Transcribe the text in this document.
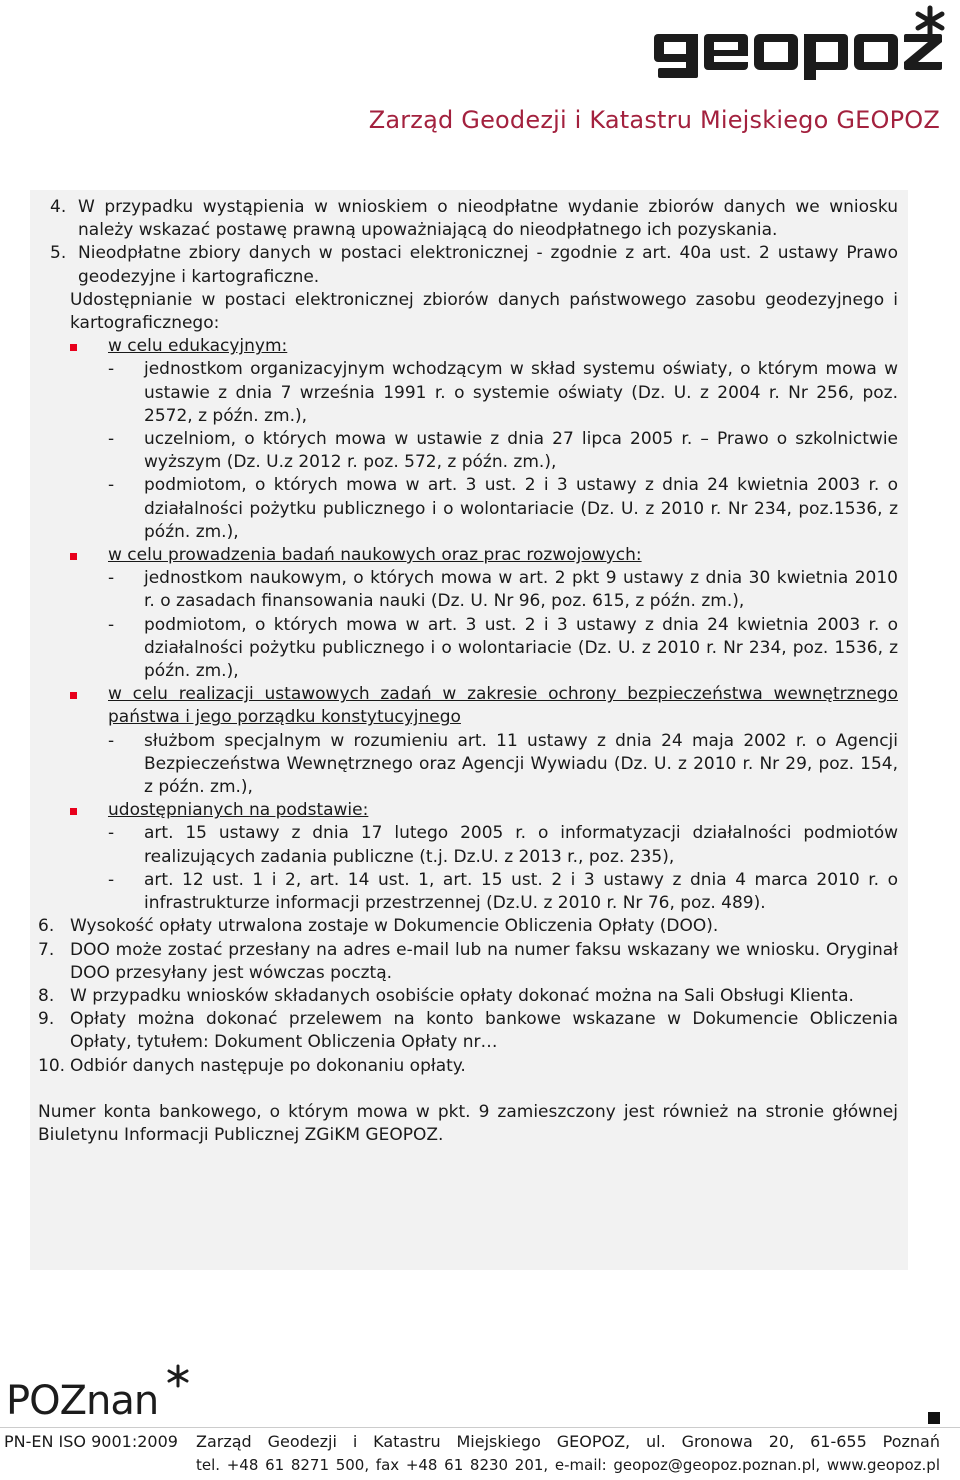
Zarząd Geodezji i Katastru Miejskiego GEOPOZ
4. W przypadku wystąpienia w wnioskiem o nieodpłatne wydanie zbiorów danych we wniosku należy wskazać postawę prawną upoważniającą do nieodpłatnego ich pozyskania.
5. Nieodpłatne zbiory danych w postaci elektronicznej - zgodnie z art. 40a ust. 2 ustawy Prawo geodezyjne i kartograficzne.

Udostępnianie w postaci elektronicznej zbiorów danych państwowego zasobu geodezyjnego i kartograficznego:

w celu edukacyjnym:
-	jednostkom organizacyjnym wchodzącym w skład systemu oświaty, o którym mowa w ustawie z dnia 7 września 1991 r. o systemie oświaty (Dz. U. z 2004 r. Nr 256, poz. 2572, z późn. zm.),
-	uczelniom, o których mowa w ustawie z dnia 27 lipca 2005 r. – Prawo o szkolnictwie wyższym (Dz. U.z 2012 r. poz. 572, z późn. zm.),
-	podmiotom, o których mowa w art. 3 ust. 2 i 3 ustawy z dnia 24 kwietnia 2003 r. o działalności pożytku publicznego i o wolontariacie (Dz. U. z 2010 r. Nr 234, poz.1536, z późn. zm.),
w celu prowadzenia badań naukowych oraz prac rozwojowych:
-	jednostkom naukowym, o których mowa w art. 2 pkt 9 ustawy z dnia 30 kwietnia 2010 r. o zasadach finansowania nauki (Dz. U. Nr 96, poz. 615, z późn. zm.),
-	podmiotom, o których mowa w art. 3 ust. 2 i 3 ustawy z dnia 24 kwietnia 2003 r. o działalności pożytku publicznego i o wolontariacie (Dz. U. z 2010 r. Nr 234, poz. 1536, z późn. zm.),
w celu realizacji ustawowych zadań w zakresie ochrony bezpieczeństwa wewnętrznego państwa i jego porządku konstytucyjnego
-	służbom specjalnym w rozumieniu art. 11 ustawy z dnia 24 maja 2002 r. o Agencji Bezpieczeństwa Wewnętrznego oraz Agencji Wywiadu (Dz. U. z 2010 r. Nr 29, poz. 154, z późn. zm.),
udostępnianych na podstawie:
-	art. 15 ustawy z dnia 17 lutego 2005 r. o informatyzacji działalności podmiotów realizujących zadania publiczne (t.j. Dz.U. z 2013 r., poz. 235),
-	art. 12 ust. 1 i 2, art. 14 ust. 1, art. 15 ust. 2 i 3 ustawy z dnia 4 marca 2010 r. o infrastrukturze informacji przestrzennej (Dz.U. z 2010 r. Nr 76, poz. 489).
6. Wysokość opłaty utrwalona zostaje w Dokumencie Obliczenia Opłaty (DOO).
7. DOO może zostać przesłany na adres e-mail lub na numer faksu wskazany we wniosku. Oryginał DOO przesyłany jest wówczas pocztą.
8. W przypadku wniosków składanych osobiście opłaty dokonać można na Sali Obsługi Klienta.
9. Opłaty można dokonać przelewem na konto bankowe wskazane w Dokumencie Obliczenia Opłaty, tytułem: Dokument Obliczenia Opłaty nr…
10. Odbiór danych następuje po dokonaniu opłaty.

Numer konta bankowego, o którym mowa w pkt. 9 zamieszczony jest również na stronie głównej Biuletynu Informacji Publicznej ZGiKM GEOPOZ.

POZnan
PN-EN ISO 9001:2009 Zarząd Geodezji i Katastru Miejskiego GEOPOZ, ul. Gronowa 20, 61-655 Poznań
tel. +48 61 8271 500, fax +48 61 8230 201, e-mail: geopoz@geopoz.poznan.pl, www.geopoz.pl
